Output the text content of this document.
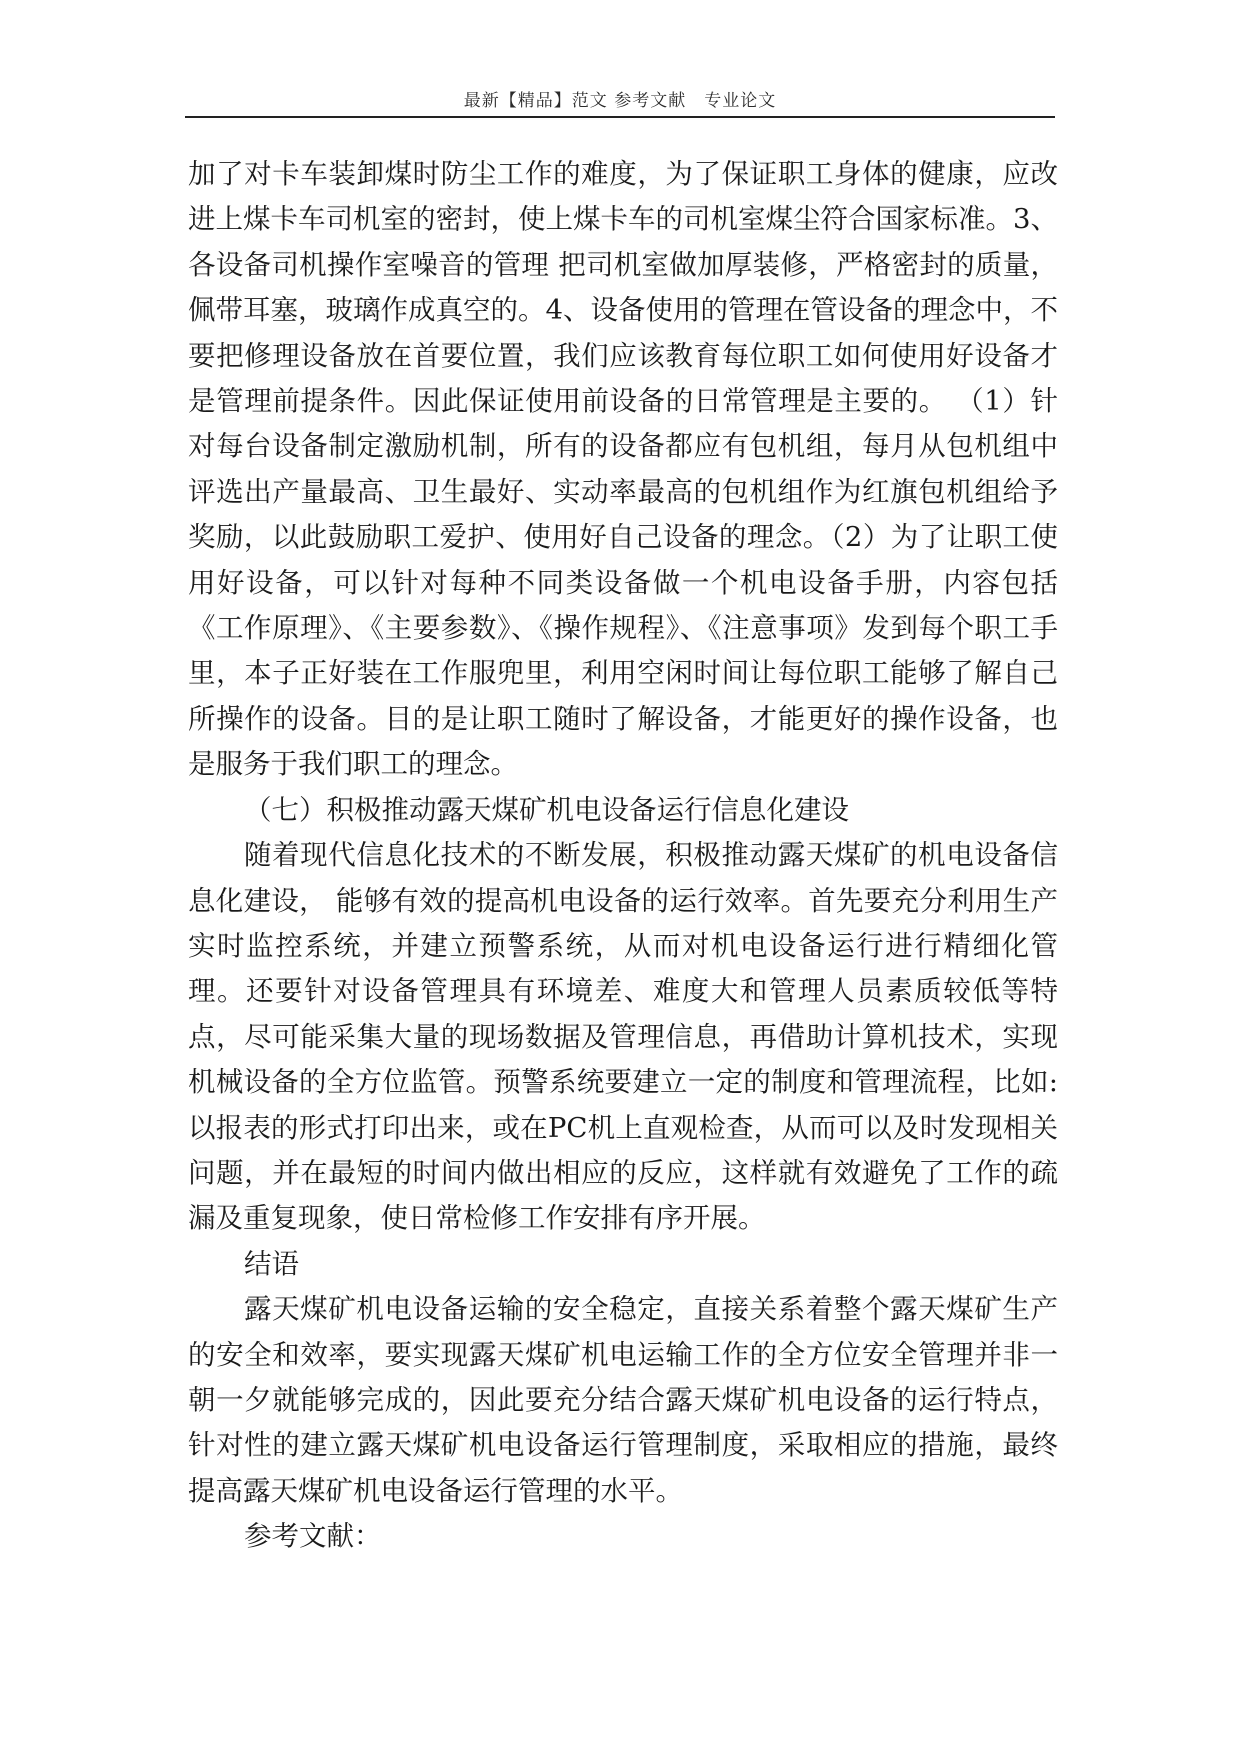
最新【精品】范文 参考文献　专业论文

加了对卡车装卸煤时防尘工作的难度，为了保证职工身体的健康，应改进上煤卡车司机室的密封，使上煤卡车的司机室煤尘符合国家标准。3、各设备司机操作室噪音的管理 把司机室做加厚装修，严格密封的质量，佩带耳塞，玻璃作成真空的。4、设备使用的管理在管设备的理念中，不要把修理设备放在首要位置，我们应该教育每位职工如何使用好设备才是管理前提条件。因此保证使用前设备的日常管理是主要的。 （1）针对每台设备制定激励机制，所有的设备都应有包机组，每月从包机组中评选出产量最高、卫生最好、实动率最高的包机组作为红旗包机组给予奖励，以此鼓励职工爱护、使用好自己设备的理念。（2）为了让职工使用好设备，可以针对每种不同类设备做一个机电设备手册，内容包括《工作原理》、《主要参数》、《操作规程》、《注意事项》发到每个职工手里，本子正好装在工作服兜里，利用空闲时间让每位职工能够了解自己所操作的设备。目的是让职工随时了解设备，才能更好的操作设备，也是服务于我们职工的理念。

（七）积极推动露天煤矿机电设备运行信息化建设

随着现代信息化技术的不断发展，积极推动露天煤矿的机电设备信息化建设， 能够有效的提高机电设备的运行效率。首先要充分利用生产实时监控系统，并建立预警系统，从而对机电设备运行进行精细化管理。还要针对设备管理具有环境差、难度大和管理人员素质较低等特点，尽可能采集大量的现场数据及管理信息，再借助计算机技术，实现机械设备的全方位监管。预警系统要建立一定的制度和管理流程，比如:以报表的形式打印出来，或在PC机上直观检查，从而可以及时发现相关问题，并在最短的时间内做出相应的反应，这样就有效避免了工作的疏漏及重复现象，使日常检修工作安排有序开展。

结语

露天煤矿机电设备运输的安全稳定，直接关系着整个露天煤矿生产的安全和效率，要实现露天煤矿机电运输工作的全方位安全管理并非一朝一夕就能够完成的，因此要充分结合露天煤矿机电设备的运行特点，针对性的建立露天煤矿机电设备运行管理制度，采取相应的措施，最终提高露天煤矿机电设备运行管理的水平。

参考文献：
